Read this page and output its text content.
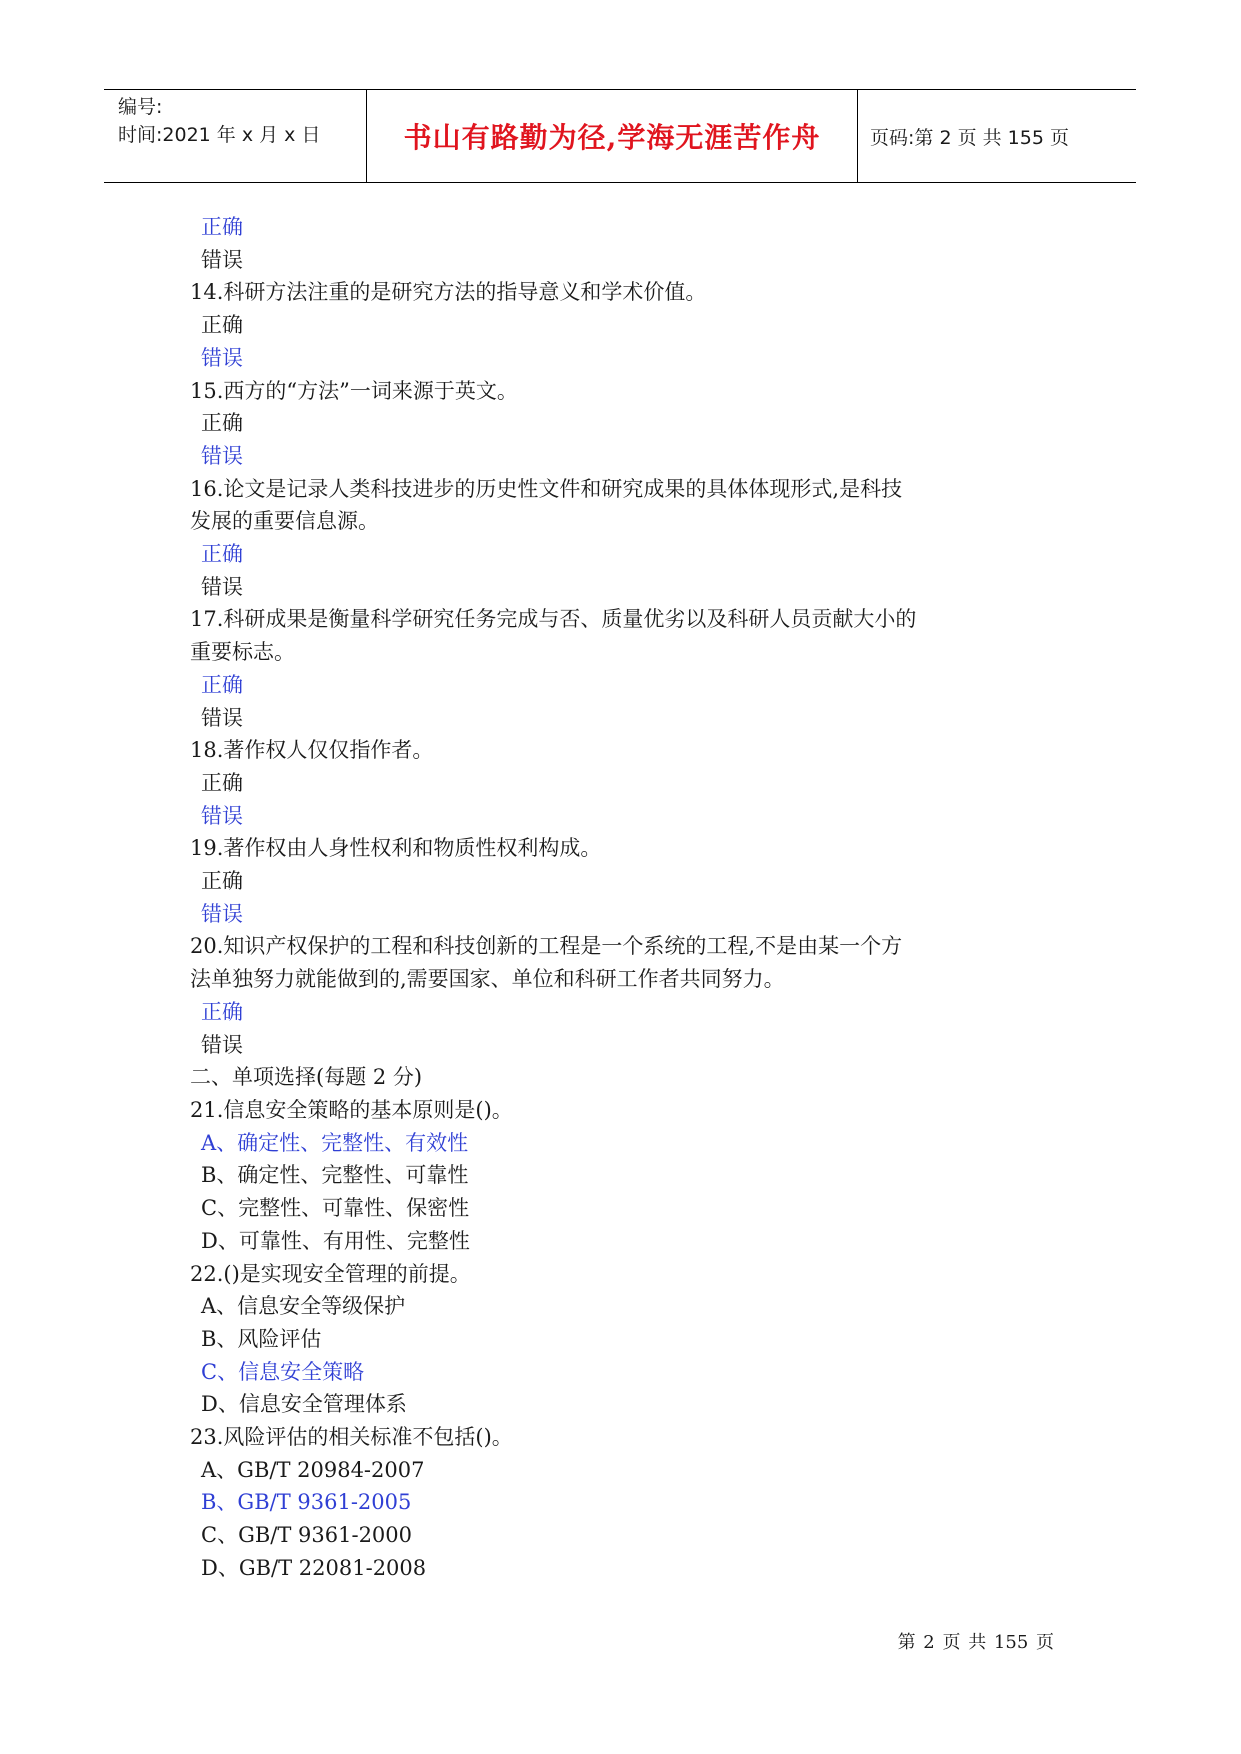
编号:
时间:2021 年 x 月 x 日	书山有路勤为径,学海无涯苦作舟	页码:第 2 页 共 155 页
正确
错误
14.科研方法注重的是研究方法的指导意义和学术价值。
正确
错误
15.西方的“方法”一词来源于英文。
正确
错误
16.论文是记录人类科技进步的历史性文件和研究成果的具体体现形式,是科技
发展的重要信息源。
正确
错误
17.科研成果是衡量科学研究任务完成与否、质量优劣以及科研人员贡献大小的
重要标志。
正确
错误
18.著作权人仅仅指作者。
正确
错误
19.著作权由人身性权利和物质性权利构成。
正确
错误
20.知识产权保护的工程和科技创新的工程是一个系统的工程,不是由某一个方
法单独努力就能做到的,需要国家、单位和科研工作者共同努力。
正确
错误
二、单项选择(每题 2 分)
21.信息安全策略的基本原则是()。
A、确定性、完整性、有效性
B、确定性、完整性、可靠性
C、完整性、可靠性、保密性
D、可靠性、有用性、完整性
22.()是实现安全管理的前提。
A、信息安全等级保护
B、风险评估
C、信息安全策略
D、信息安全管理体系
23.风险评估的相关标准不包括()。
A、GB/T 20984-2007
B、GB/T 9361-2005
C、GB/T 9361-2000
D、GB/T 22081-2008
第 2 页 共 155 页
